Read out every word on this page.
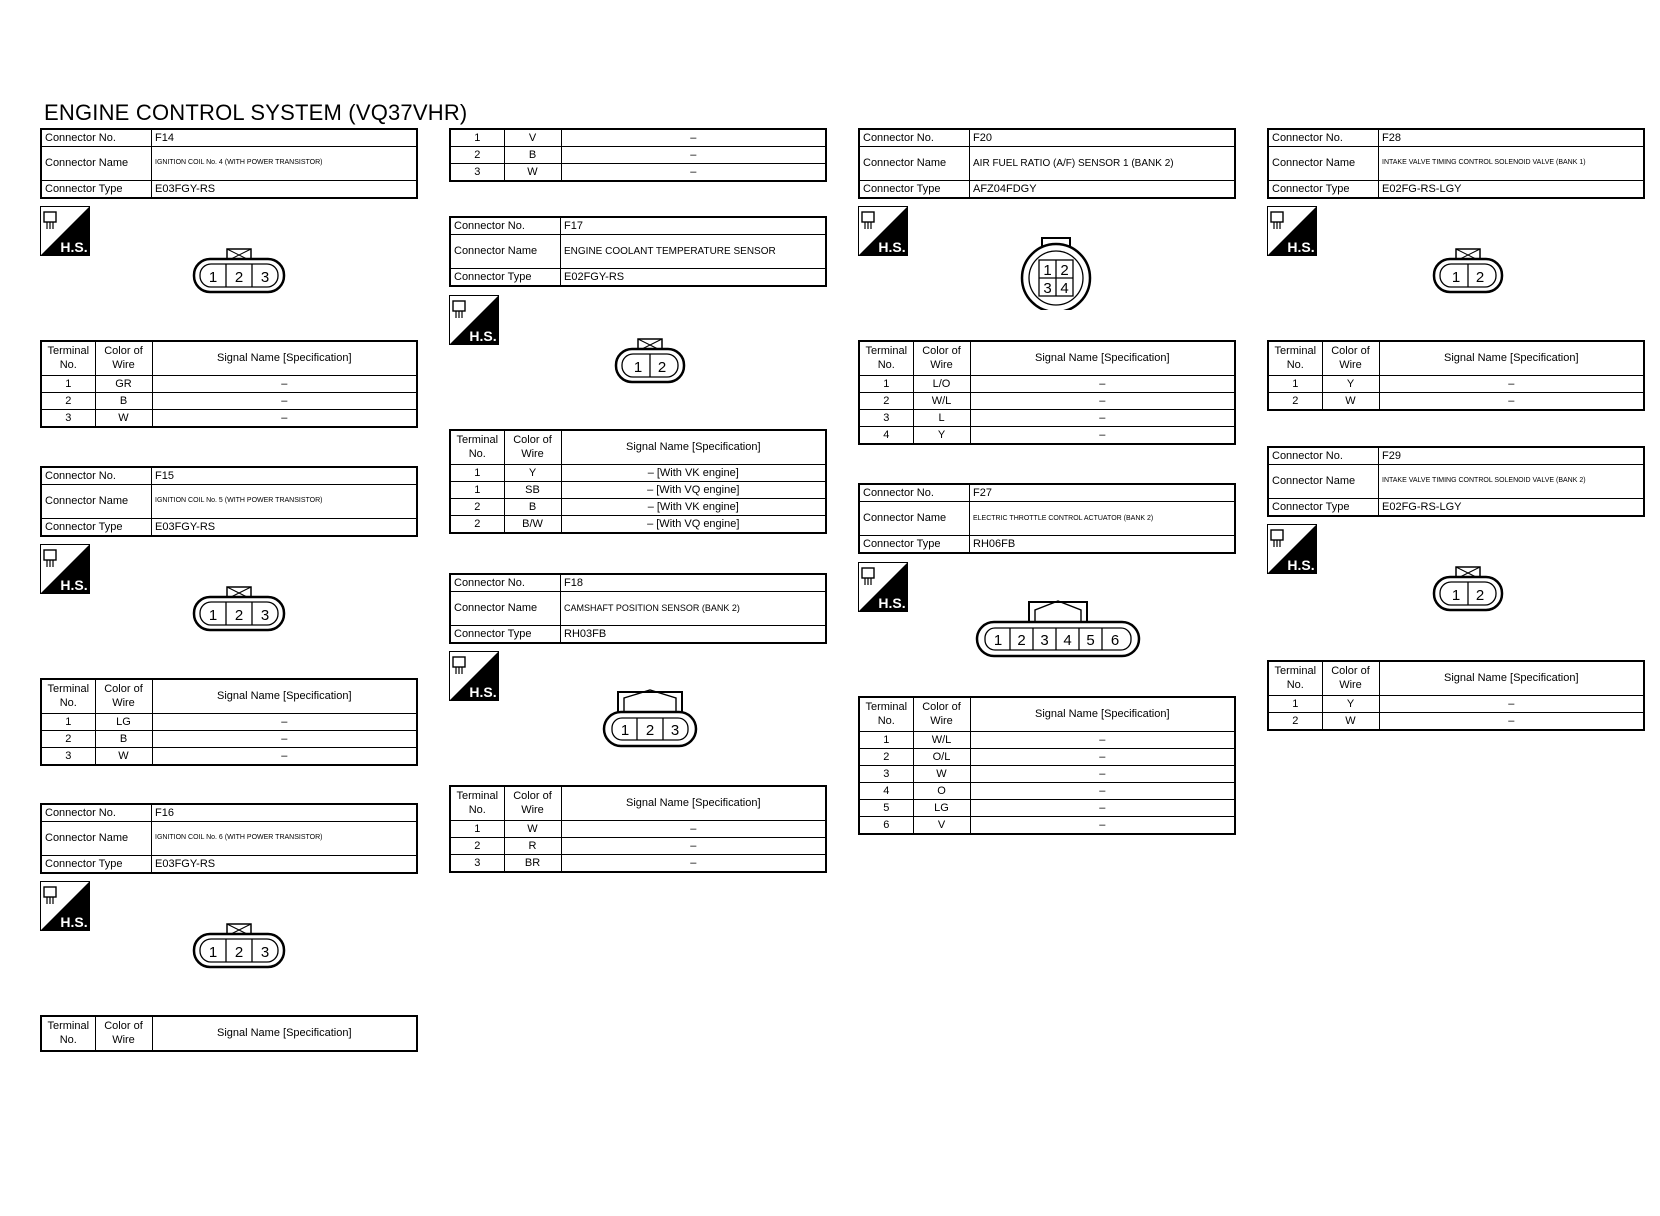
ENGINE CONTROL SYSTEM (VQ37VHR)
Connector No.	F14
Connector Name	IGNITION COIL No. 4 (WITH POWER TRANSISTOR)
Connector Type	E03FGY-RS
H.S.
1 2 3
Terminal No.	Color of Wire	Signal Name [Specification]
1	GR	–
2	B	–
3	W	–
Connector No.	F15
Connector Name	IGNITION COIL No. 5 (WITH POWER TRANSISTOR)
Connector Type	E03FGY-RS
H.S.
1 2 3
Terminal No.	Color of Wire	Signal Name [Specification]
1	LG	–
2	B	–
3	W	–
Connector No.	F16
Connector Name	IGNITION COIL No. 6 (WITH POWER TRANSISTOR)
Connector Type	E03FGY-RS
H.S.
1 2 3
Terminal No.	Color of Wire	Signal Name [Specification]
1	V	–
2	B	–
3	W	–
Connector No.	F17
Connector Name	ENGINE COOLANT TEMPERATURE SENSOR
Connector Type	E02FGY-RS
H.S.
1 2
Terminal No.	Color of Wire	Signal Name [Specification]
1	Y	– [With VK engine]
1	SB	– [With VQ engine]
2	B	– [With VK engine]
2	B/W	– [With VQ engine]
Connector No.	F18
Connector Name	CAMSHAFT POSITION SENSOR (BANK 2)
Connector Type	RH03FB
H.S.
1 2 3
Terminal No.	Color of Wire	Signal Name [Specification]
1	W	–
2	R	–
3	BR	–
Connector No.	F20
Connector Name	AIR FUEL RATIO (A/F) SENSOR 1 (BANK 2)
Connector Type	AFZ04FDGY
H.S.
1 2
3 4
Terminal No.	Color of Wire	Signal Name [Specification]
1	L/O	–
2	W/L	–
3	L	–
4	Y	–
Connector No.	F27
Connector Name	ELECTRIC THROTTLE CONTROL ACTUATOR (BANK 2)
Connector Type	RH06FB
H.S.
1 2 3 4 5 6
Terminal No.	Color of Wire	Signal Name [Specification]
1	W/L	–
2	O/L	–
3	W	–
4	O	–
5	LG	–
6	V	–
Connector No.	F28
Connector Name	INTAKE VALVE TIMING CONTROL SOLENOID VALVE (BANK 1)
Connector Type	E02FG-RS-LGY
H.S.
1 2
Terminal No.	Color of Wire	Signal Name [Specification]
1	Y	–
2	W	–
Connector No.	F29
Connector Name	INTAKE VALVE TIMING CONTROL SOLENOID VALVE (BANK 2)
Connector Type	E02FG-RS-LGY
H.S.
1 2
Terminal No.	Color of Wire	Signal Name [Specification]
1	Y	–
2	W	–
